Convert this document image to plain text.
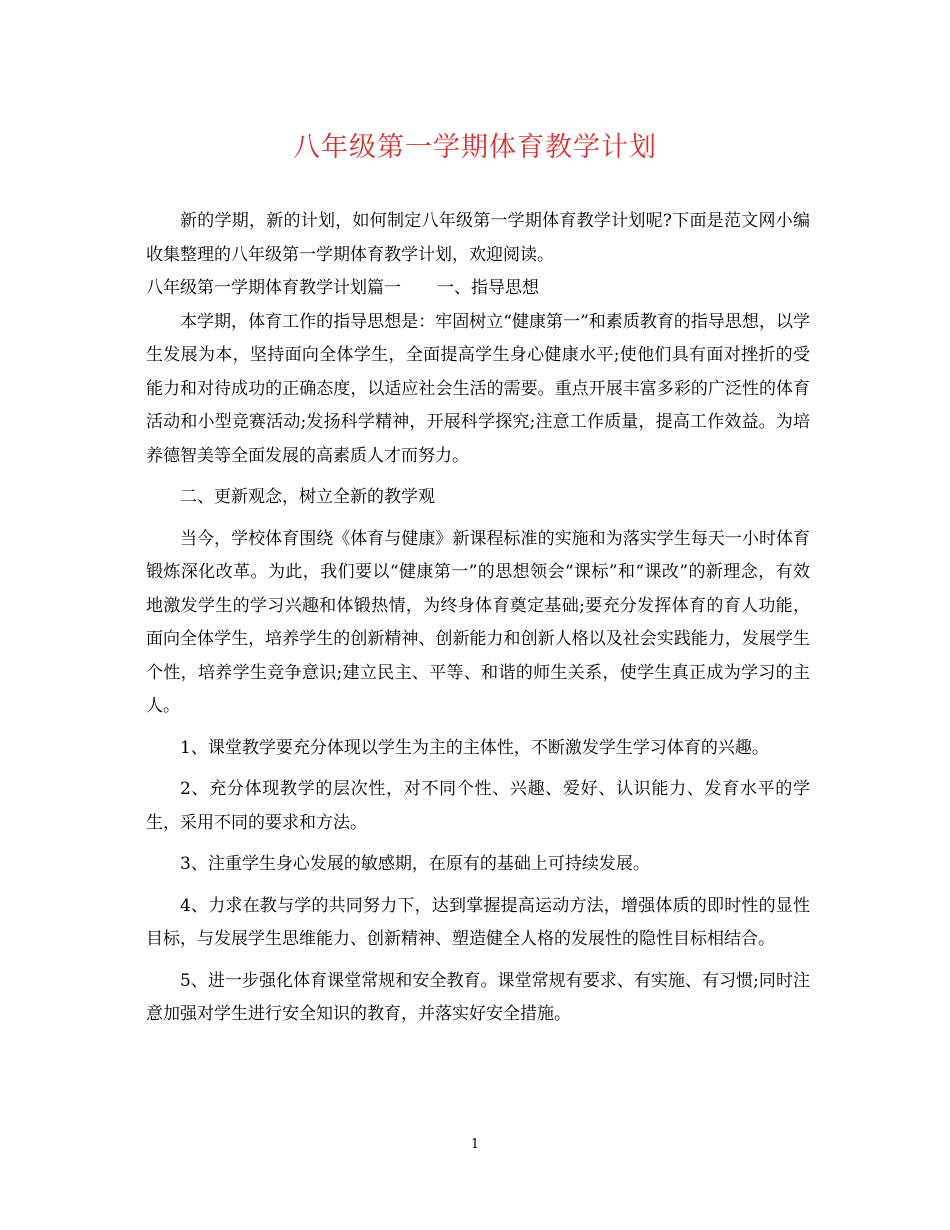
八年级第一学期体育教学计划

新的学期，新的计划，如何制定八年级第一学期体育教学计划呢?下面是范文网小编收集整理的八年级第一学期体育教学计划，欢迎阅读。

八年级第一学期体育教学计划篇一 一、指导思想

本学期，体育工作的指导思想是：牢固树立“健康第一”和素质教育的指导思想，以学生发展为本，坚持面向全体学生，全面提高学生身心健康水平;使他们具有面对挫折的受能力和对待成功的正确态度，以适应社会生活的需要。重点开展丰富多彩的广泛性的体育活动和小型竞赛活动;发扬科学精神，开展科学探究;注意工作质量，提高工作效益。为培养德智美等全面发展的高素质人才而努力。

二、更新观念，树立全新的教学观

当今，学校体育围绕《体育与健康》新课程标准的实施和为落实学生每天一小时体育锻炼深化改革。为此，我们要以“健康第一”的思想领会“课标”和“课改”的新理念，有效地激发学生的学习兴趣和体锻热情，为终身体育奠定基础;要充分发挥体育的育人功能，面向全体学生，培养学生的创新精神、创新能力和创新人格以及社会实践能力，发展学生个性，培养学生竞争意识;建立民主、平等、和谐的师生关系，使学生真正成为学习的主人。

1、课堂教学要充分体现以学生为主的主体性，不断激发学生学习体育的兴趣。

2、充分体现教学的层次性，对不同个性、兴趣、爱好、认识能力、发育水平的学生，采用不同的要求和方法。

3、注重学生身心发展的敏感期，在原有的基础上可持续发展。

4、力求在教与学的共同努力下，达到掌握提高运动方法，增强体质的即时性的显性目标，与发展学生思维能力、创新精神、塑造健全人格的发展性的隐性目标相结合。

5、进一步强化体育课堂常规和安全教育。课堂常规有要求、有实施、有习惯;同时注意加强对学生进行安全知识的教育，并落实好安全措施。

1
